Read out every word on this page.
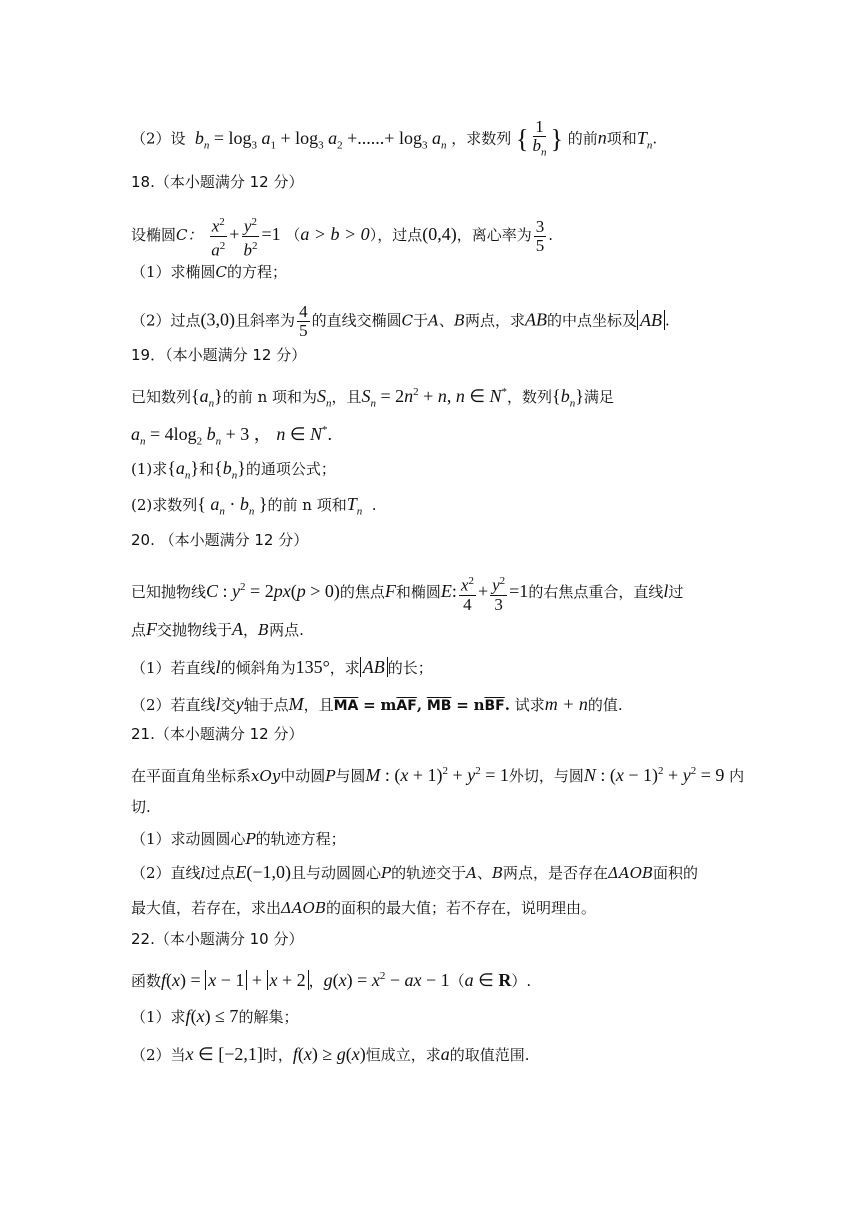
（2）设 $b_n = \log_3 a_1 + \log_3 a_2$ +......+ $\log_3 a_n$ ，求数列 { $\frac{1}{b_n}$ } 的前n项和$T_n$.
18.（本小题满分 12 分）
设椭圆C： $\frac{x^2}{a^2} + \frac{y^2}{b^2} =1$ （a > b > 0），过点(0,4)，离心率为 $\frac{3}{5}$ .
（1）求椭圆C的方程；
（2）过点(3,0)且斜率为 $\frac{4}{5}$ 的直线交椭圆C于A、B两点，求AB的中点坐标及 AB .
19．（本小题满分 12 分）
已知数列$\{a_n\}$的前 n 项和为$S_n$，且$S_n = 2n^2 + n$, n ∈ N*，数列$\{b_n\}$满足
$a_n = 4\log_2$ $b_n + 3$ ， n ∈ N*.
(1)求$\{a_n\}$和$\{b_n\}$的通项公式；
(2)求数列{ $a_n \cdot b_n$ }的前 n 项和$T_n$ .
20. （本小题满分 12 分）
已知抛物线C : $y^2 = 2px(p > 0)$的焦点F和椭圆E: $\frac{x^2}{4} + \frac{y^2}{3} =1$的右焦点重合，直线l过
点F交抛物线于A，B两点.
（1）若直线l的倾斜角为135°，求 AB 的长；
（2）若直线l交y轴于点M，且$\overline{MA} = m\overline{AF}$, $\overline{MB} = n\overline{BF}$. 试求m + n的值.
21.（本小题满分 12 分）
在平面直角坐标系xOy中动圆P与圆M : $(x + 1)^2 + y^2 = 1$外切，与圆N : $(x - 1)^2 + y^2 = 9$ 内
切.
（1）求动圆圆心P的轨迹方程；
（2）直线l过点E(−1,0)且与动圆圆心P的轨迹交于A、B两点，是否存在ΔAOB面积的
最大值，若存在，求出ΔAOB的面积的最大值；若不存在，说明理由。
22.（本小题满分 10 分）
函数f(x) = x − 1 + x + 2 ，$g(x) = x^2$ − ax − 1（a ∈ R）.
（1）求f(x) ≤ 7的解集；
（2）当x ∈ [−2,1]时，f(x) ≥ g(x)恒成立，求a的取值范围.
